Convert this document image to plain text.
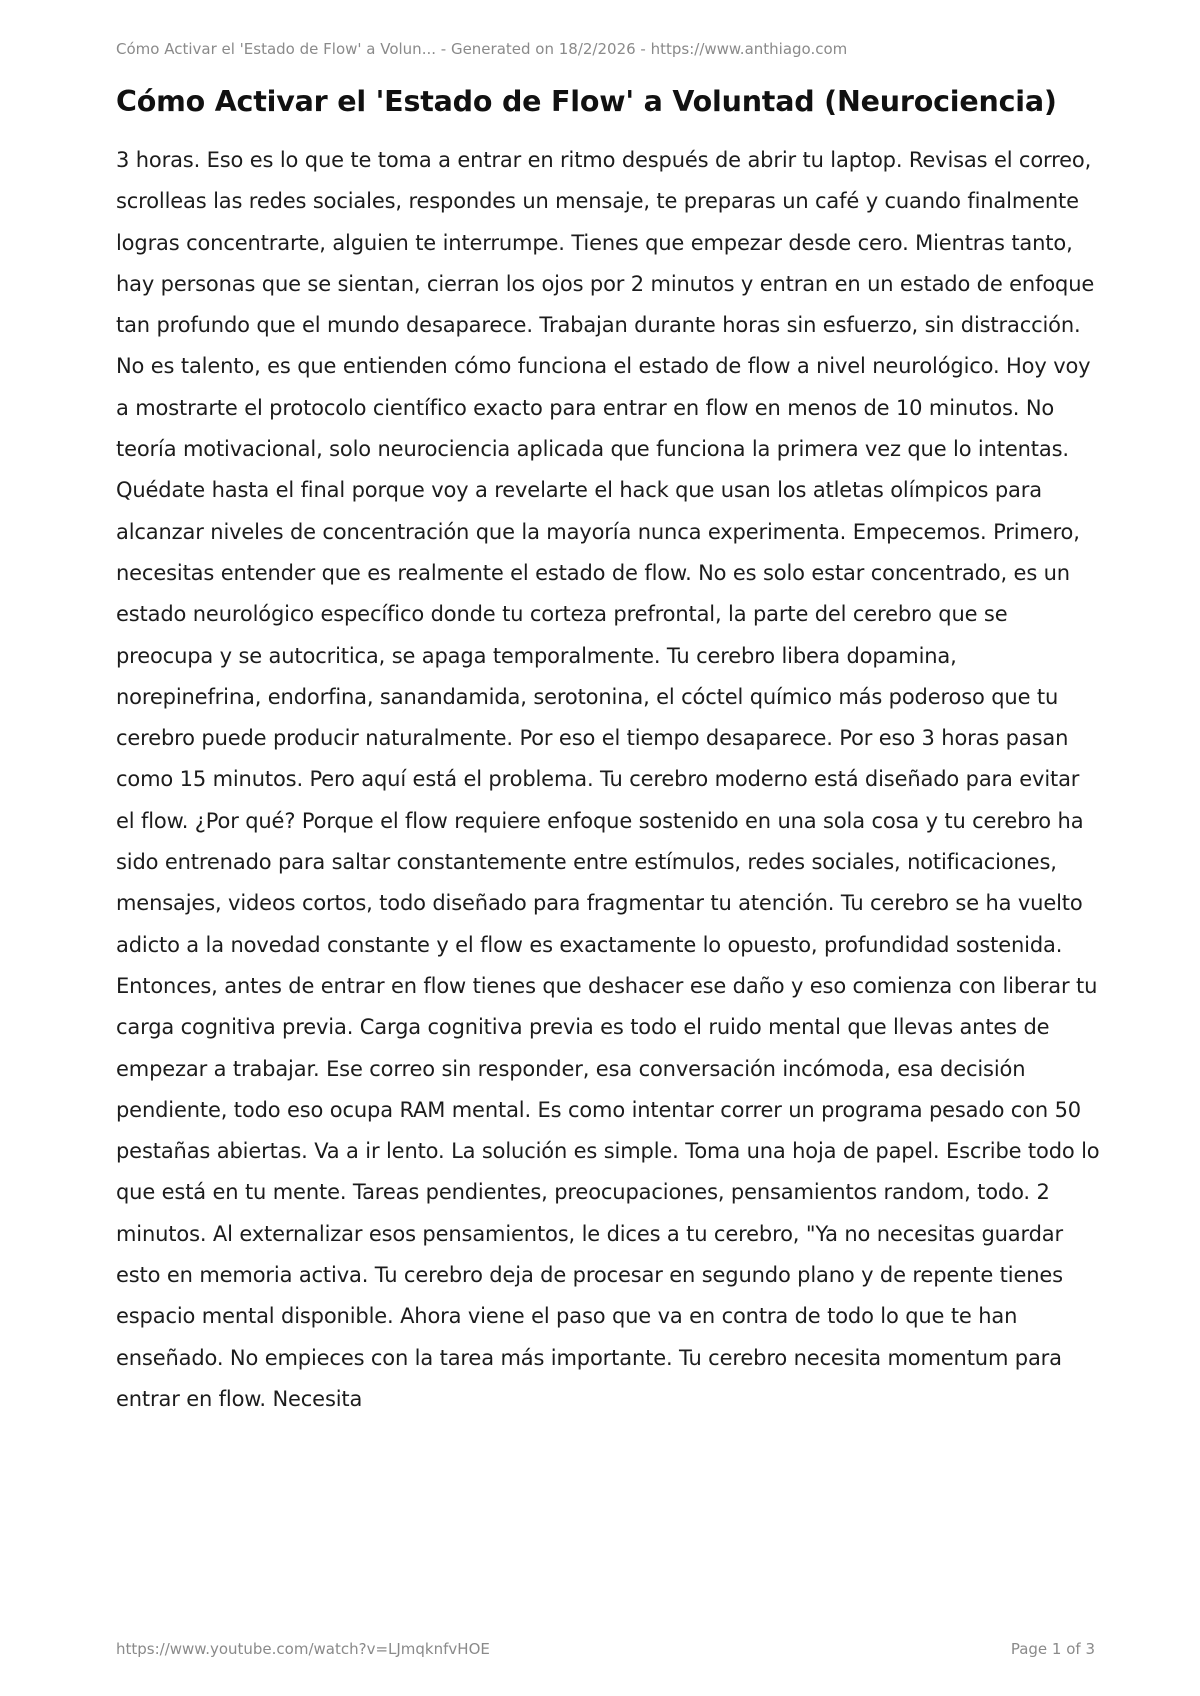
Cómo Activar el 'Estado de Flow' a Volun... - Generated on 18/2/2026 - https://www.anthiago.com
Cómo Activar el 'Estado de Flow' a Voluntad (Neurociencia)

3 horas. Eso es lo que te toma a entrar en ritmo después de abrir tu laptop. Revisas el correo, scrolleas las redes sociales, respondes un mensaje, te preparas un café y cuando finalmente logras concentrarte, alguien te interrumpe. Tienes que empezar desde cero. Mientras tanto, hay personas que se sientan, cierran los ojos por 2 minutos y entran en un estado de enfoque tan profundo que el mundo desaparece. Trabajan durante horas sin esfuerzo, sin distracción. No es talento, es que entienden cómo funciona el estado de flow a nivel neurológico. Hoy voy a mostrarte el protocolo científico exacto para entrar en flow en menos de 10 minutos. No teoría motivacional, solo neurociencia aplicada que funciona la primera vez que lo intentas. Quédate hasta el final porque voy a revelarte el hack que usan los atletas olímpicos para alcanzar niveles de concentración que la mayoría nunca experimenta. Empecemos. Primero, necesitas entender que es realmente el estado de flow. No es solo estar concentrado, es un estado neurológico específico donde tu corteza prefrontal, la parte del cerebro que se preocupa y se autocritica, se apaga temporalmente. Tu cerebro libera dopamina, norepinefrina, endorfina, sanandamida, serotonina, el cóctel químico más poderoso que tu cerebro puede producir naturalmente. Por eso el tiempo desaparece. Por eso 3 horas pasan como 15 minutos. Pero aquí está el problema. Tu cerebro moderno está diseñado para evitar el flow. ¿Por qué? Porque el flow requiere enfoque sostenido en una sola cosa y tu cerebro ha sido entrenado para saltar constantemente entre estímulos, redes sociales, notificaciones, mensajes, videos cortos, todo diseñado para fragmentar tu atención. Tu cerebro se ha vuelto adicto a la novedad constante y el flow es exactamente lo opuesto, profundidad sostenida. Entonces, antes de entrar en flow tienes que deshacer ese daño y eso comienza con liberar tu carga cognitiva previa. Carga cognitiva previa es todo el ruido mental que llevas antes de empezar a trabajar. Ese correo sin responder, esa conversación incómoda, esa decisión pendiente, todo eso ocupa RAM mental. Es como intentar correr un programa pesado con 50 pestañas abiertas. Va a ir lento. La solución es simple. Toma una hoja de papel. Escribe todo lo que está en tu mente. Tareas pendientes, preocupaciones, pensamientos random, todo. 2 minutos. Al externalizar esos pensamientos, le dices a tu cerebro, "Ya no necesitas guardar esto en memoria activa. Tu cerebro deja de procesar en segundo plano y de repente tienes espacio mental disponible. Ahora viene el paso que va en contra de todo lo que te han enseñado. No empieces con la tarea más importante. Tu cerebro necesita momentum para entrar en flow. Necesita

https://www.youtube.com/watch?v=LJmqknfvHOE	Page 1 of 3
